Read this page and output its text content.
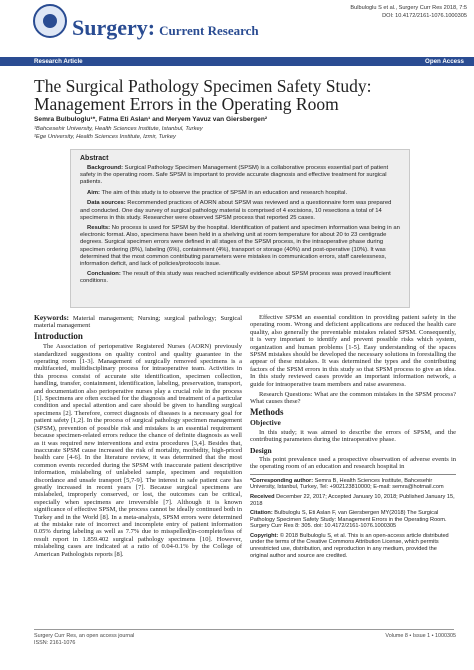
Surgery: Current Research
Bulbuloglu S et al., Surgery Curr Res 2018, 7:5
DOI: 10.4172/2161-1076.1000305
Research Article	Open Access
The Surgical Pathology Specimen Safety Study: Management Errors in the Operating Room
Semra Bulbuloglu¹*, Fatma Eti Aslan¹ and Meryem Yavuz van Giersbergen²
¹Bahcesehir University, Health Sciences Institute, Istanbul, Turkey
²Ege University, Health Sciences Institute, Izmir, Turkey
Abstract

Background: Surgical Pathology Specimen Management (SPSM) is a collaborative process essential part of patient safety in the operating room. Safe SPSM is important to provide accurate diagnosis and effective treatment for surgical patients.

Aim: The aim of this study is to observe the practice of SPSM in an education and research hospital.

Data sources: Recommended practices of AORN about SPSM was reviewed and a questionnaire form was prepared and conducted. One day survey of surgical pathology material is comprised of 4 excisions, 10 resections a total of 14 specimens in this study. Researcher were observed SPSM process that reported 25 cases.

Results: No process is used for SPSM by the hospital. Identification of patient and specimen information was being in an electronic format. Also, specimens have been held in a shelving unit at room temperature for about 20 to 23 centigrade degrees. Surgical specimen errors were defined in all stages of the SPSM process, in the intraoperative phase during specimen ordering (8%), labeling (6%), containment (4%), transport or storage (40%) and post-operative (10%). It was determined that the most common contributing parameters were mistakes in communication errors, staff carelessness, information deficit, and lack of policies/protocols issue.

Conclusion: The result of this study was reached scientifically evidence about SPSM process was proved insufficient conditions.

Keywords: Material management; Nursing; surgical pathology; Surgical material management

Introduction

The Association of perioperative Registered Nurses (AORN) previously standardized suggestions on quality control and quality guarantee in the operating room [1-3]. Management of surgically removed specimens is a multifaceted, multidisciplinary process for intraoperative team. Activities in this process consist of accurate site identification, specimen collection, handling, transfer, containment, identification, labeling, preservation, transport, and documentation also perioperative nurses play a crucial role in the process [1]. Specimens are often excised for the diagnosis and treatment of a particular condition and special attention and care should be given to handling surgical specimens [2]. Therefore, correct diagnosis of diseases is a necessary goal for patient safety [1,2]. In the process of surgical pathology specimen management (SPSM), prevention of possible risk and mistakes is an essential requirement because specimen-related errors reduce the chance of definite diagnosis as well as it was required new interventions and extra procedures [3,4]. Besides that, inaccurate SPSM cause increased the risk of mortality, morbidity, high-priced health care [4-6]. In the literature review, it was determined that the most common events recorded during the SPSM with inaccurate patient descriptive information, mislabeling of unlabeled sample, specimen and requisition discordance and unsafe transport [5,7-9]. The interest in safe patient care has greatly increased in recent years [7]. Because surgical specimens are mislabeled, improperly conserved, or lost, the outcomes can be critical, especially when specimens are irreversible [7]. Although it is known significance of effective SPSM, the process cannot be ideally continued both in Turkey and in the World [8]. In a meta-analysis, SPSM errors were determined at the mistake rate of incorrect and incomplete entry of patient information 0.05% during labeling as well as 7.7% due to misspelled(in-complete/loss of result report in 1.859.402 surgical pathology specimens [10]. However, mislabeling cases are indicated at a ratio of 0.04-0.1% by the College of American Pathologists reports [8].

Effective SPSM an essential condition in providing patient safety in the operating room. Wrong and deficient applications are reduced the health care quality, also generally the preventable mistakes related SPSM. Consequently, it is very important to identify and prevent possible risks which system, organization and human problems [1-5]. Easy understanding of the spaces SPSM mistakes should be developed the necessary solutions in forestalling the appear of these mistakes. It was determined the types and the contributing factors of the SPSM errors in this study so that SPSM process to give an idea. In this study reviewed cases provide an important information network, a guide for intraoperative team members and raise awareness.

Research Questions: What are the common mistakes in the SPSM process? What causes these?

Methods
Objective

In this study; it was aimed to describe the errors of SPSM, and the contributing parameters during the intraoperative phase.

Design

This point prevalence used a prospective observation of adverse events in the operating room of an education and research hospital in

*Corresponding author: Semra B, Health Sciences Institute, Bahcesehir University, Istanbul, Turkey, Tel: +902123810000; E-mail: semra@hotmail.com

Received December 22, 2017; Accepted January 10, 2018; Published January 15, 2018

Citation: Bulbuloglu S, Eti Aslan F, van Giersbergen MY(2018) The Surgical Pathology Specimen Safety Study: Management Errors in the Operating Room. Surgery Curr Res 8: 305. doi: 10.4172/2161-1076.1000305

Copyright: © 2018 Bulbuloglu S, et al. This is an open-access article distributed under the terms of the Creative Commons Attribution License, which permits unrestricted use, distribution, and reproduction in any medium, provided the original author and source are credited.

Surgery Curr Res, an open access journal
ISSN: 2161-1076
Volume 8 • Issue 1 • 1000305
